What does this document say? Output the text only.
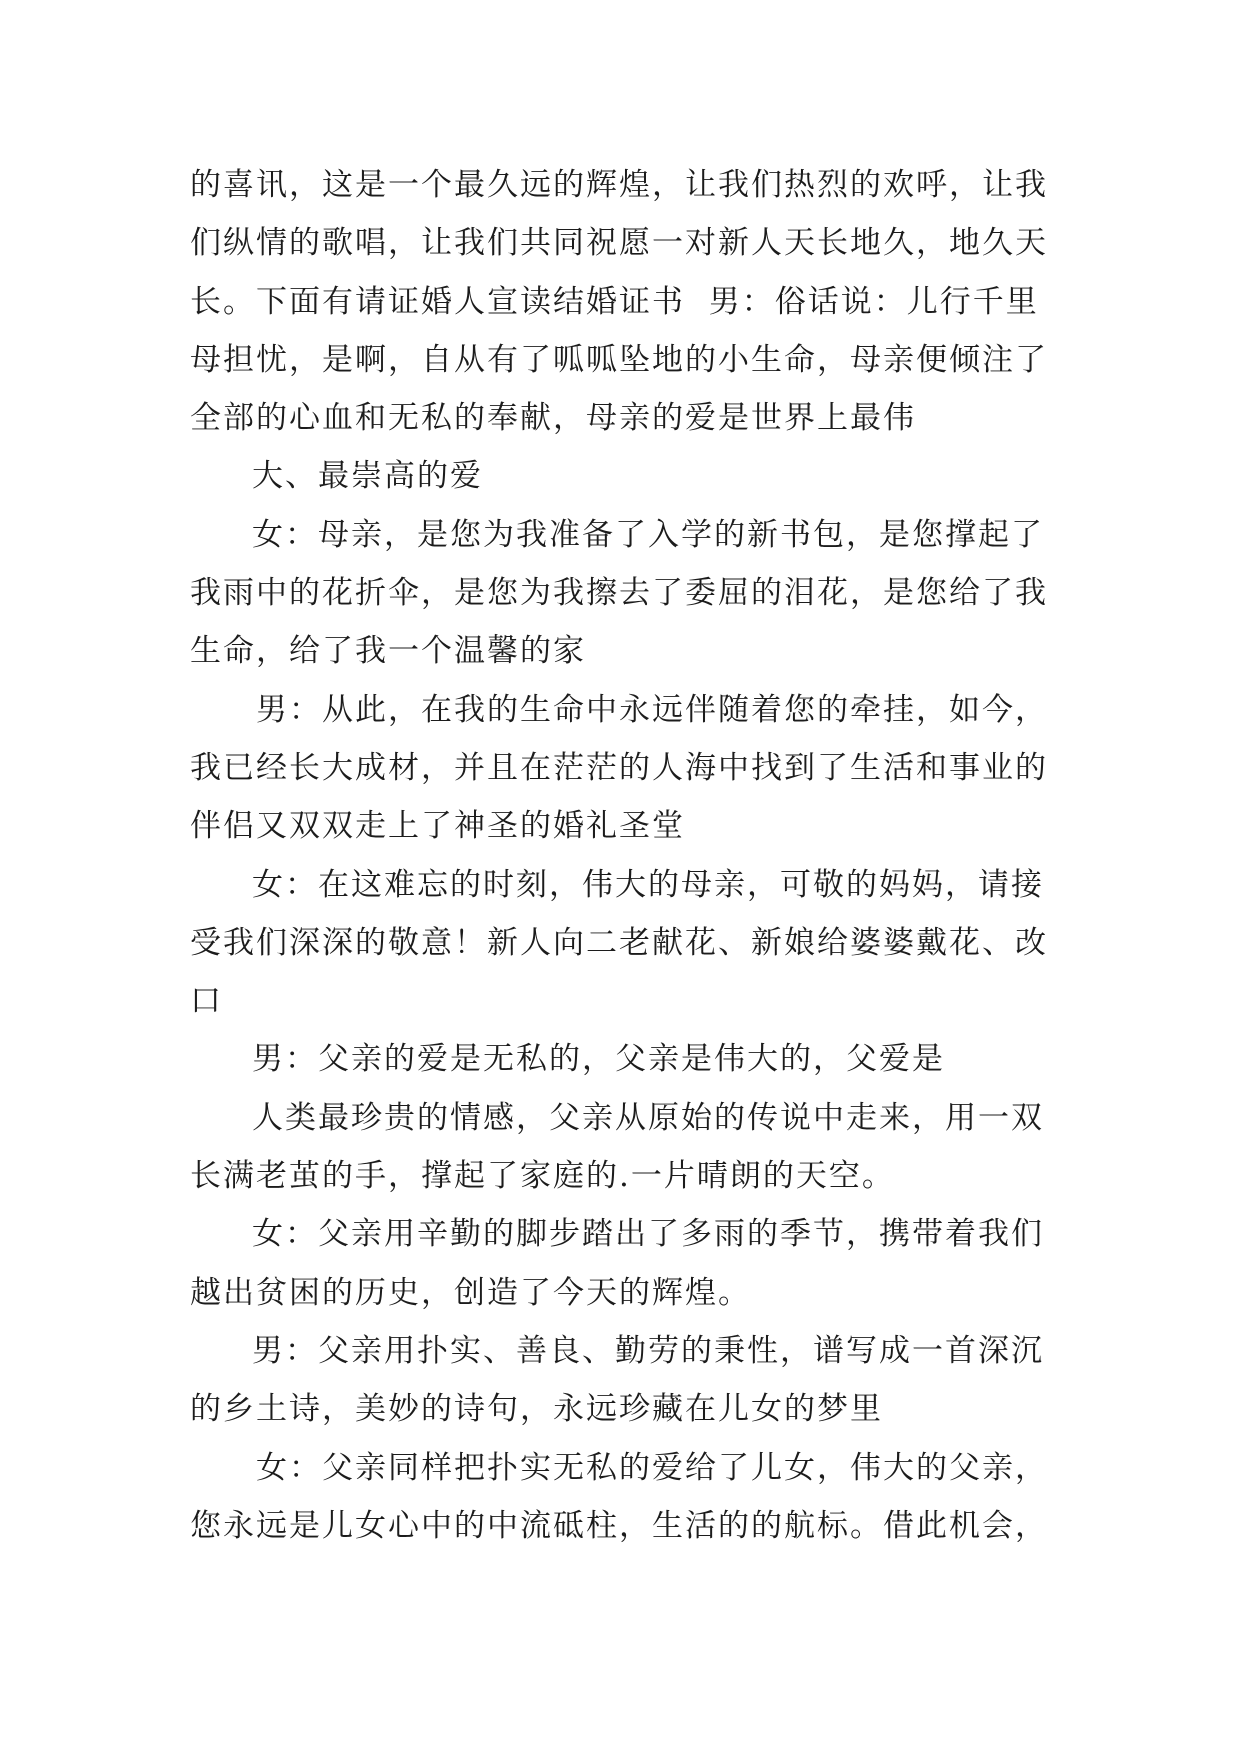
的喜讯，这是一个最久远的辉煌，让我们热烈的欢呼，让我
们纵情的歌唱，让我们共同祝愿一对新人天长地久，地久天
长。下面有请证婚人宣读结婚证书  男：俗话说：儿行千里
母担忧，是啊，自从有了呱呱坠地的小生命，母亲便倾注了
全部的心血和无私的奉献，母亲的爱是世界上最伟
大、最崇高的爱
女：母亲，是您为我准备了入学的新书包，是您撑起了
我雨中的花折伞，是您为我擦去了委屈的泪花，是您给了我
生命，给了我一个温馨的家
男：从此，在我的生命中永远伴随着您的牵挂，如今，
我已经长大成材，并且在茫茫的人海中找到了生活和事业的
伴侣又双双走上了神圣的婚礼圣堂
女：在这难忘的时刻，伟大的母亲，可敬的妈妈，请接
受我们深深的敬意！新人向二老献花、新娘给婆婆戴花、改
口
男：父亲的爱是无私的，父亲是伟大的，父爱是
人类最珍贵的情感，父亲从原始的传说中走来，用一双
长满老茧的手，撑起了家庭的.一片晴朗的天空。
女：父亲用辛勤的脚步踏出了多雨的季节，携带着我们
越出贫困的历史，创造了今天的辉煌。
男：父亲用扑实、善良、勤劳的秉性，谱写成一首深沉
的乡土诗，美妙的诗句，永远珍藏在儿女的梦里
女：父亲同样把扑实无私的爱给了儿女，伟大的父亲，
您永远是儿女心中的中流砥柱，生活的的航标。借此机会，
